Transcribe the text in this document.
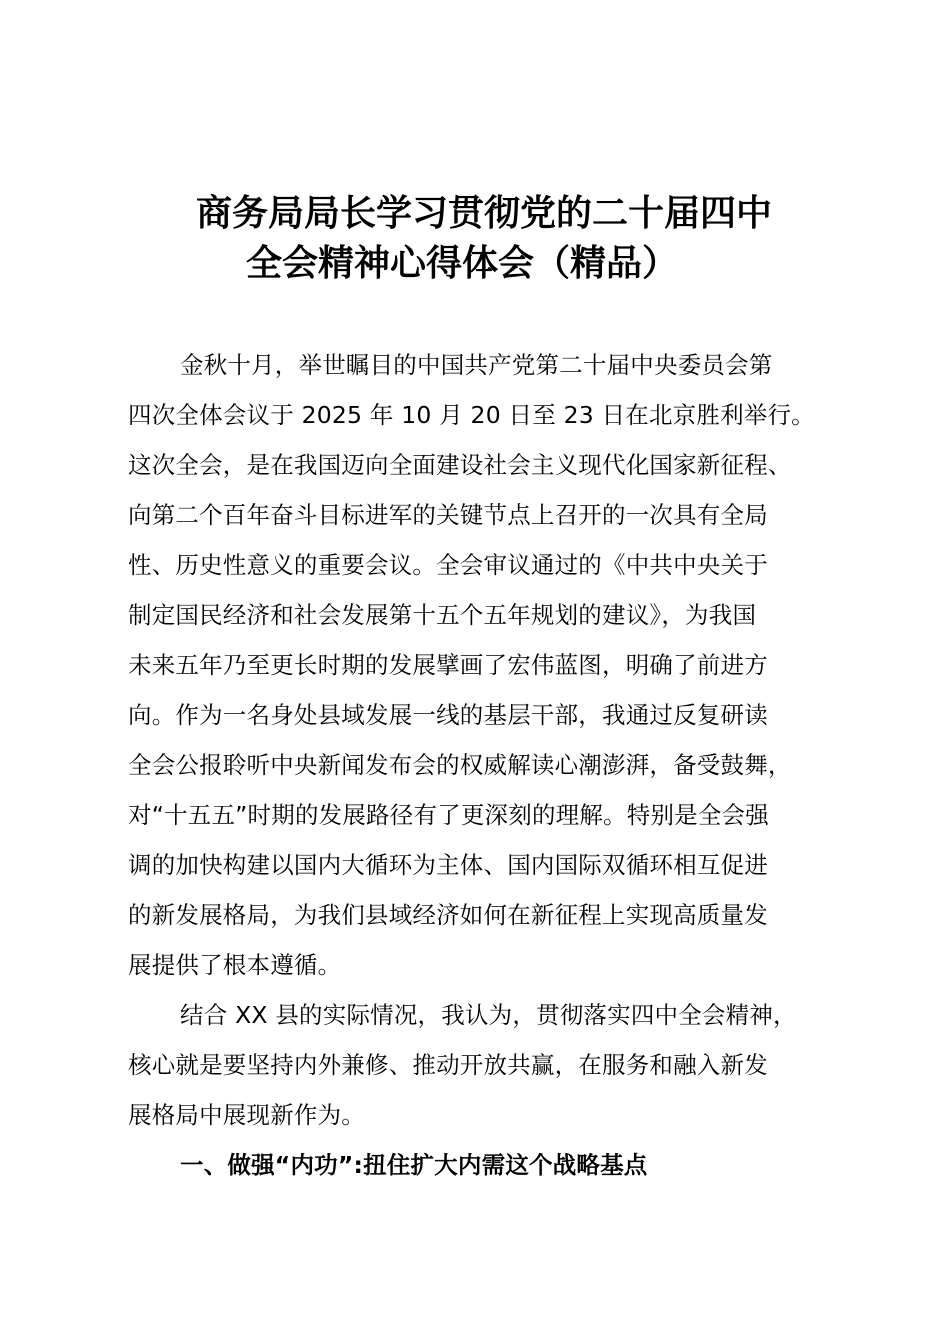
商务局局长学习贯彻党的二十届四中
全会精神心得体会（精品）
金秋十月，举世瞩目的中国共产党第二十届中央委员会第
四次全体会议于 2025 年 10 月 20 日至 23 日在北京胜利举行。
这次全会，是在我国迈向全面建设社会主义现代化国家新征程、
向第二个百年奋斗目标进军的关键节点上召开的一次具有全局
性、历史性意义的重要会议。全会审议通过的《中共中央关于
制定国民经济和社会发展第十五个五年规划的建议》，为我国
未来五年乃至更长时期的发展擘画了宏伟蓝图，明确了前进方
向。作为一名身处县域发展一线的基层干部，我通过反复研读
全会公报聆听中央新闻发布会的权威解读心潮澎湃，备受鼓舞，
对“十五五”时期的发展路径有了更深刻的理解。特别是全会强
调的加快构建以国内大循环为主体、国内国际双循环相互促进
的新发展格局，为我们县域经济如何在新征程上实现高质量发
展提供了根本遵循。
结合 XX 县的实际情况，我认为，贯彻落实四中全会精神，
核心就是要坚持内外兼修、推动开放共赢，在服务和融入新发
展格局中展现新作为。
一、做强“内功”:扭住扩大内需这个战略基点
